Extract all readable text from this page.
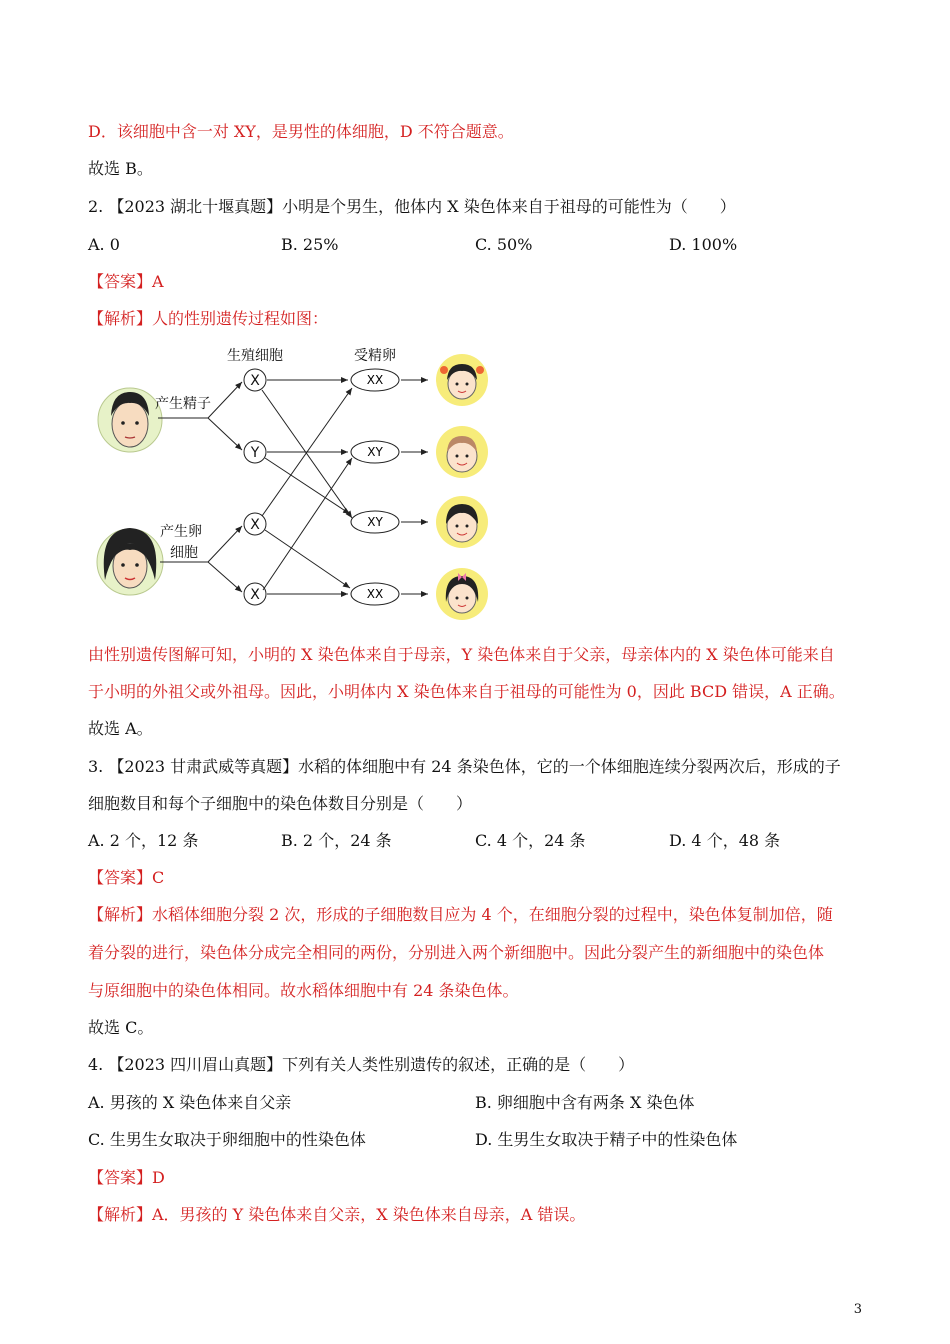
D．该细胞中含一对 XY，是男性的体细胞，D 不符合题意。
故选 B。
2. 【2023 湖北十堰真题】小明是个男生，他体内 X 染色体来自于祖母的可能性为（　　）
A. 0	B. 25%	C. 50%	D. 100%
【答案】A
【解析】人的性别遗传过程如图：
生殖细胞	受精卵
产生精子
产生卵
细胞
X
Y
X
X
XX
XY
XY
XX
由性别遗传图解可知，小明的 X 染色体来自于母亲，Y 染色体来自于父亲，母亲体内的 X 染色体可能来自
于小明的外祖父或外祖母。因此，小明体内 X 染色体来自于祖母的可能性为 0，因此 BCD 错误，A 正确。
故选 A。
3. 【2023 甘肃武威等真题】水稻的体细胞中有 24 条染色体，它的一个体细胞连续分裂两次后，形成的子
细胞数目和每个子细胞中的染色体数目分别是（　　）
A. 2 个，12 条	B. 2 个，24 条	C. 4 个，24 条	D. 4 个，48 条
【答案】C
【解析】水稻体细胞分裂 2 次，形成的子细胞数目应为 4 个，在细胞分裂的过程中，染色体复制加倍，随
着分裂的进行，染色体分成完全相同的两份，分别进入两个新细胞中。因此分裂产生的新细胞中的染色体
与原细胞中的染色体相同。故水稻体细胞中有 24 条染色体。
故选 C。
4. 【2023 四川眉山真题】下列有关人类性别遗传的叙述，正确的是（　　）
A. 男孩的 X 染色体来自父亲	B. 卵细胞中含有两条 X 染色体
C. 生男生女取决于卵细胞中的性染色体	D. 生男生女取决于精子中的性染色体
【答案】D
【解析】A．男孩的 Y 染色体来自父亲，X 染色体来自母亲，A 错误。
3
